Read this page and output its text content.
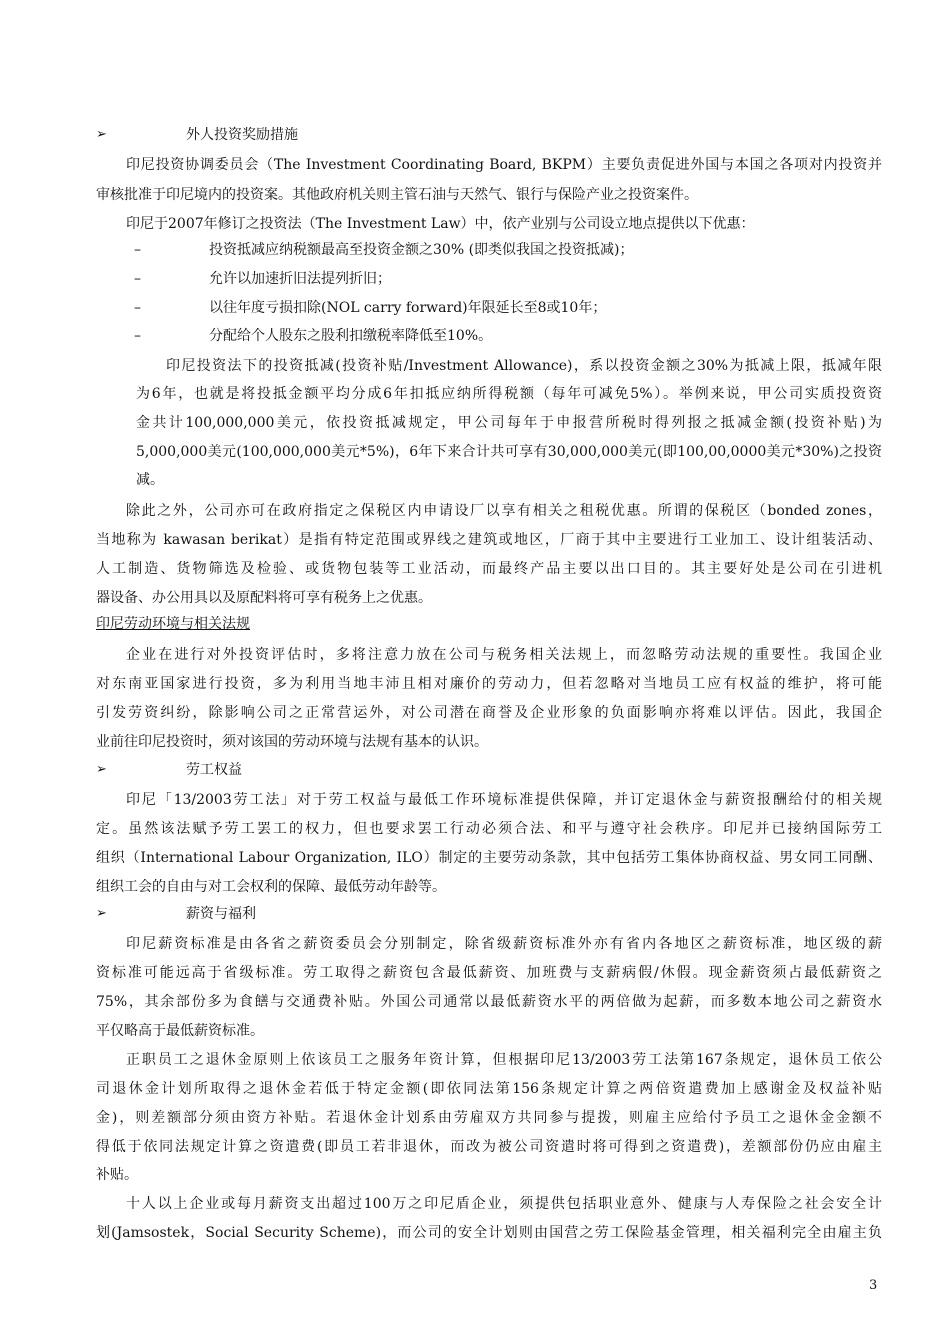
➢	外人投资奖励措施
印尼投资协调委员会（The Investment Coordinating Board, BKPM）主要负责促进外国与本国之各项对内投资并
审核批准于印尼境内的投资案。其他政府机关则主管石油与天然气、银行与保险产业之投资案件。
印尼于2007年修订之投资法（The Investment Law）中，依产业别与公司设立地点提供以下优惠：
–	投资抵减应纳税额最高至投资金额之30% (即类似我国之投资抵减)；
–	允许以加速折旧法提列折旧；
–	以往年度亏损扣除(NOL carry forward)年限延长至8或10年；
–	分配给个人股东之股利扣缴税率降低至10%。
印尼投资法下的投资抵减(投资补贴/Investment Allowance)，系以投资金额之30%为抵减上限，抵减年限
为6年，也就是将投抵金额平均分成6年扣抵应纳所得税额（每年可减免5%）。举例来说，甲公司实质投资资
金共计100,000,000美元，依投资抵减规定，甲公司每年于申报营所税时得列报之抵减金额(投资补贴)为
5,000,000美元(100,000,000美元*5%)，6年下来合计共可享有30,000,000美元(即100,00,0000美元*30%)之投资
减。
除此之外，公司亦可在政府指定之保税区内申请设厂以享有相关之租税优惠。所谓的保税区（bonded zones，
当地称为 kawasan berikat）是指有特定范围或界线之建筑或地区，厂商于其中主要进行工业加工、设计组装活动、
人工制造、货物筛选及检验、或货物包装等工业活动，而最终产品主要以出口目的。其主要好处是公司在引进机
器设备、办公用具以及原配料将可享有税务上之优惠。
印尼劳动环境与相关法规
企业在进行对外投资评估时，多将注意力放在公司与税务相关法规上，而忽略劳动法规的重要性。我国企业
对东南亚国家进行投资，多为利用当地丰沛且相对廉价的劳动力，但若忽略对当地员工应有权益的维护，将可能
引发劳资纠纷，除影响公司之正常营运外，对公司潜在商誉及企业形象的负面影响亦将难以评估。因此，我国企
业前往印尼投资时，须对该国的劳动环境与法规有基本的认识。
➢	劳工权益
印尼「13/2003劳工法」对于劳工权益与最低工作环境标准提供保障，并订定退休金与薪资报酬给付的相关规
定。虽然该法赋予劳工罢工的权力，但也要求罢工行动必须合法、和平与遵守社会秩序。印尼并已接纳国际劳工
组织（International Labour Organization, ILO）制定的主要劳动条款，其中包括劳工集体协商权益、男女同工同酬、
组织工会的自由与对工会权利的保障、最低劳动年龄等。
➢	薪资与福利
印尼薪资标准是由各省之薪资委员会分别制定，除省级薪资标准外亦有省内各地区之薪资标准，地区级的薪
资标准可能远高于省级标准。劳工取得之薪资包含最低薪资、加班费与支薪病假/休假。现金薪资须占最低薪资之
75%，其余部份多为食饍与交通费补贴。外国公司通常以最低薪资水平的两倍做为起薪，而多数本地公司之薪资水
平仅略高于最低薪资标准。
正职员工之退休金原则上依该员工之服务年资计算，但根据印尼13/2003劳工法第167条规定，退休员工依公
司退休金计划所取得之退休金若低于特定金额(即依同法第156条规定计算之两倍资遣费加上感谢金及权益补贴
金)，则差额部分须由资方补贴。若退休金计划系由劳雇双方共同参与提拨，则雇主应给付予员工之退休金金额不
得低于依同法规定计算之资遣费(即员工若非退休，而改为被公司资遣时将可得到之资遣费)，差额部份仍应由雇主
补贴。
十人以上企业或每月薪资支出超过100万之印尼盾企业，须提供包括职业意外、健康与人寿保险之社会安全计
划(Jamsostek，Social Security Scheme)，而公司的安全计划则由国营之劳工保险基金管理，相关福利完全由雇主负
3
